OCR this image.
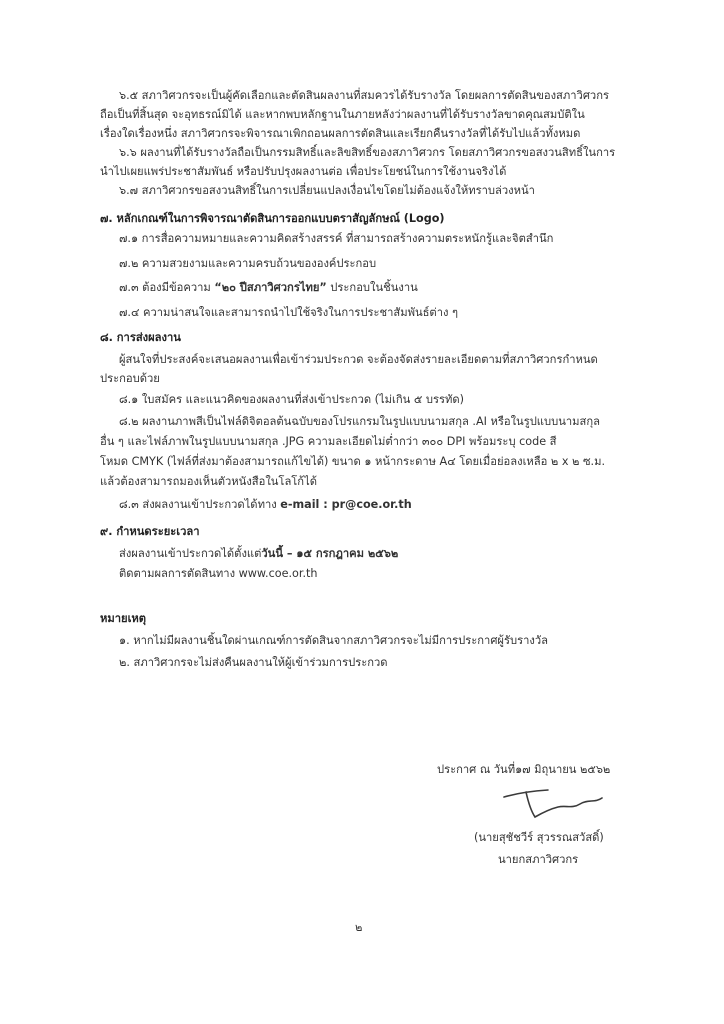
๖.๕ สภาวิศวกรจะเป็นผู้คัดเลือกและตัดสินผลงานที่สมควรได้รับรางวัล โดยผลการตัดสินของสภาวิศวกร
ถือเป็นที่สิ้นสุด จะอุทธรณ์มิได้ และหากพบหลักฐานในภายหลังว่าผลงานที่ได้รับรางวัลขาดคุณสมบัติใน
เรื่องใดเรื่องหนึ่ง สภาวิศวกรจะพิจารณาเพิกถอนผลการตัดสินและเรียกคืนรางวัลที่ได้รับไปแล้วทั้งหมด
๖.๖ ผลงานที่ได้รับรางวัลถือเป็นกรรมสิทธิ์และลิขสิทธิ์ของสภาวิศวกร โดยสภาวิศวกรขอสงวนสิทธิ์ในการ
นำไปเผยแพร่ประชาสัมพันธ์ หรือปรับปรุงผลงานต่อ เพื่อประโยชน์ในการใช้งานจริงได้
๖.๗ สภาวิศวกรขอสงวนสิทธิ์ในการเปลี่ยนแปลงเงื่อนไขโดยไม่ต้องแจ้งให้ทราบล่วงหน้า
๗. หลักเกณฑ์ในการพิจารณาตัดสินการออกแบบตราสัญลักษณ์ (Logo)
๗.๑ การสื่อความหมายและความคิดสร้างสรรค์ ที่สามารถสร้างความตระหนักรู้และจิตสำนึก
๗.๒ ความสวยงามและความครบถ้วนขององค์ประกอบ
๗.๓ ต้องมีข้อความ “๒๐ ปีสภาวิศวกรไทย” ประกอบในชิ้นงาน
๗.๔ ความน่าสนใจและสามารถนำไปใช้จริงในการประชาสัมพันธ์ต่าง ๆ
๘. การส่งผลงาน
ผู้สนใจที่ประสงค์จะเสนอผลงานเพื่อเข้าร่วมประกวด จะต้องจัดส่งรายละเอียดตามที่สภาวิศวกรกำหนด
ประกอบด้วย
๘.๑ ใบสมัคร และแนวคิดของผลงานที่ส่งเข้าประกวด (ไม่เกิน ๕ บรรทัด)
๘.๒ ผลงานภาพสีเป็นไฟล์ดิจิตอลต้นฉบับของโปรแกรมในรูปแบบนามสกุล .AI หรือในรูปแบบนามสกุล
อื่น ๆ และไฟล์ภาพในรูปแบบนามสกุล .JPG ความละเอียดไม่ต่ำกว่า ๓๐๐ DPI พร้อมระบุ code สี
โหมด CMYK (ไฟล์ที่ส่งมาต้องสามารถแก้ไขได้) ขนาด ๑ หน้ากระดาษ A๔ โดยเมื่อย่อลงเหลือ ๒ x ๒ ซ.ม.
แล้วต้องสามารถมองเห็นตัวหนังสือในโลโก้ได้
๘.๓ ส่งผลงานเข้าประกวดได้ทาง e-mail : pr@coe.or.th
๙. กำหนดระยะเวลา
ส่งผลงานเข้าประกวดได้ตั้งแต่วันนี้ – ๑๕ กรกฎาคม ๒๕๖๒
ติดตามผลการตัดสินทาง www.coe.or.th
หมายเหตุ
๑. หากไม่มีผลงานชิ้นใดผ่านเกณฑ์การตัดสินจากสภาวิศวกรจะไม่มีการประกาศผู้รับรางวัล
๒. สภาวิศวกรจะไม่ส่งคืนผลงานให้ผู้เข้าร่วมการประกวด
ประกาศ ณ วันที่๑๗ มิถุนายน ๒๕๖๒
(นายสุชัชวีร์ สุวรรณสวัสดิ์)
นายกสภาวิศวกร
๒
